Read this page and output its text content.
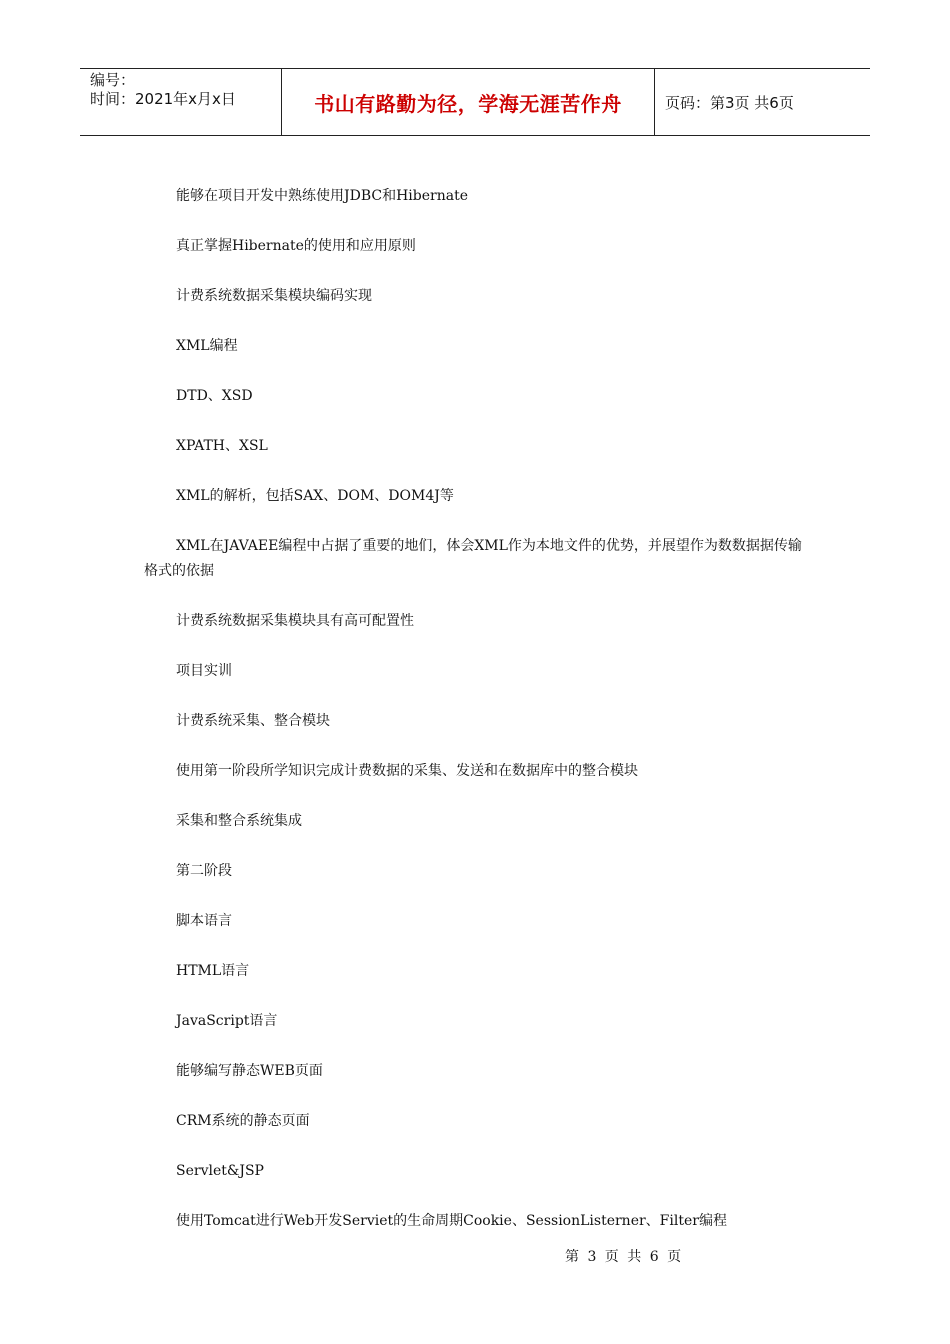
编号：
时间：2021年x月x日	书山有路勤为径，学海无涯苦作舟	页码：第3页 共6页

能够在项目开发中熟练使用JDBC和Hibernate

真正掌握Hibernate的使用和应用原则

计费系统数据采集模块编码实现

XML编程

DTD、XSD

XPATH、XSL

XML的解析，包括SAX、DOM、DOM4J等

XML在JAVAEE编程中占据了重要的地们，体会XML作为本地文件的优势，并展望作为数数据据传输格式的依据

计费系统数据采集模块具有高可配置性

项目实训

计费系统采集、整合模块

使用第一阶段所学知识完成计费数据的采集、发送和在数据库中的整合模块

采集和整合系统集成

第二阶段

脚本语言

HTML语言

JavaScript语言

能够编写静态WEB页面

CRM系统的静态页面

Servlet&JSP

使用Tomcat进行Web开发Serviet的生命周期Cookie、SessionListerner、Filter编程

第 3 页 共 6 页
